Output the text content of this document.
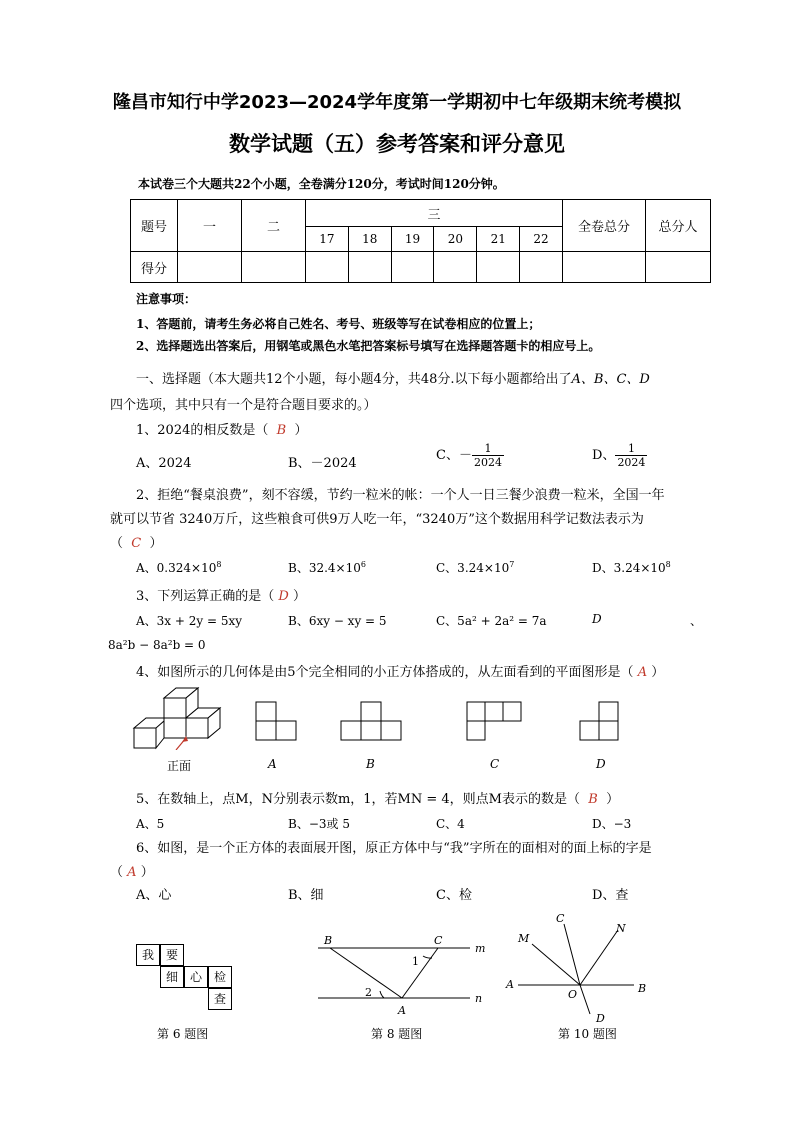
隆昌市知行中学2023—2024学年度第一学期初中七年级期末统考模拟
数学试题（五）参考答案和评分意见
本试卷三个大题共22个小题，全卷满分120分，考试时间120分钟。
题号	一	二	三						全卷总分	总分人
			17	18	19	20	21	22		
得分										
注意事项：
1、答题前，请考生务必将自己姓名、考号、班级等写在试卷相应的位置上；
2、选择题选出答案后，用钢笔或黑色水笔把答案标号填写在选择题答题卡的相应号上。
一、选择题（本大题共12个小题，每小题4分，共48分.以下每小题都给出了A、B、C、D
四个选项，其中只有一个是符合题目要求的。）
1、2024的相反数是（ B ）
A、2024	B、－2024
C、－ $\frac{1}{2024}$	D、 $\frac{1}{2024}$
2、拒绝“餐桌浪费”，刻不容缓，节约一粒米的帐：一个人一日三餐少浪费一粒米，全国一年
就可以节省 3240万斤，这些粮食可供9万人吃一年，“3240万”这个数据用科学记数法表示为
（ C ）
A、$0.324\times 10^8$	B、$32.4\times 10^6$	C、$3.24\times 10^7$	D、$3.24\times 10^8$
3、下列运算正确的是（ D ）
A、3x + 2y = 5xy	B、6xy − xy = 5	C、5a² + 2a² = 7a	D	、
8a²b − 8a²b = 0
4、如图所示的几何体是由5个完全相同的小正方体搭成的，从左面看到的平面图形是（ A ）
正面	A	B	C	D
5、在数轴上，点M，N分别表示数m，1，若MN = 4，则点M表示的数是（ B ）
A、5	B、−3或 5	C、4	D、−3
6、如图，是一个正方体的表面展开图，原正方体中与“我”字所在的面相对的面上标的字是
（ A ）
A、心	B、细	C、检	D、查
我 要
细 心 检
查
第 6 题图
B	C
m
n
A
1
2
第 8 题图
C
N
M
A
O	B
D
第 10 题图
